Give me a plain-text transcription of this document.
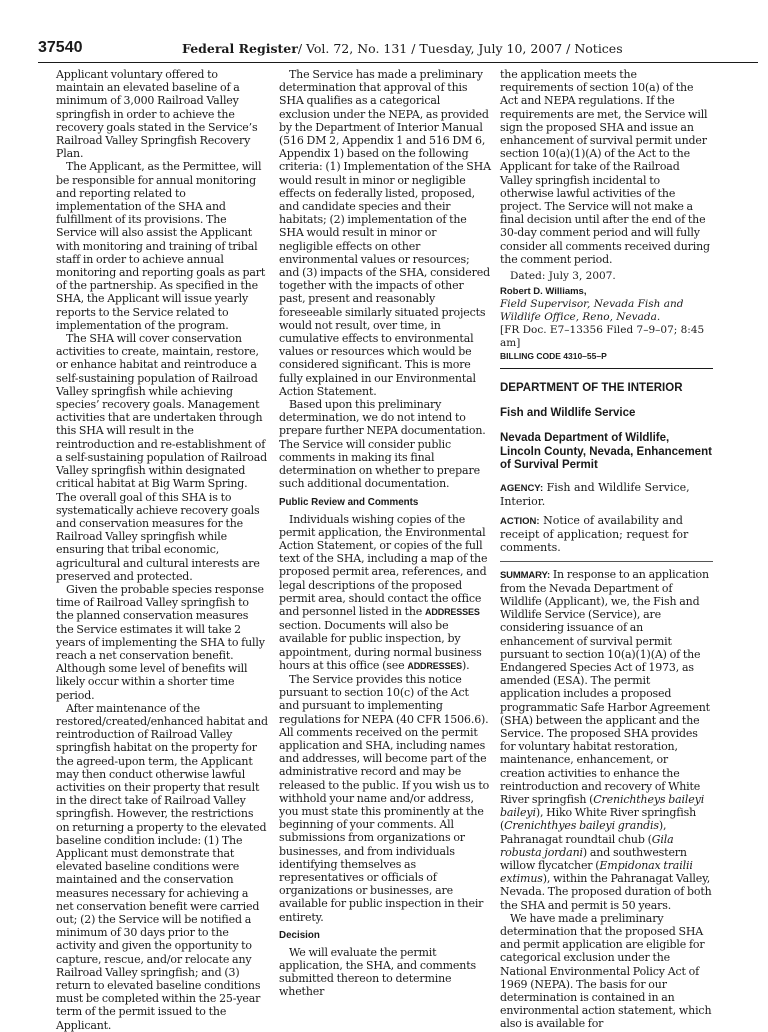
37540	Federal Register/ Vol. 72, No. 131 / Tuesday, July 10, 2007 / Notices

Applicant voluntary offered to maintain an elevated baseline of a minimum of 3,000 Railroad Valley springfish in order to achieve the recovery goals stated in the Service’s Railroad Valley Springfish Recovery Plan.

The Applicant, as the Permittee, will be responsible for annual monitoring and reporting related to implementation of the SHA and fulfillment of its provisions. The Service will also assist the Applicant with monitoring and training of tribal staff in order to achieve annual monitoring and reporting goals as part of the partnership. As specified in the SHA, the Applicant will issue yearly reports to the Service related to implementation of the program.

The SHA will cover conservation activities to create, maintain, restore, or enhance habitat and reintroduce a self-sustaining population of Railroad Valley springfish while achieving species’ recovery goals. Management activities that are undertaken through this SHA will result in the reintroduction and re-establishment of a self-sustaining population of Railroad Valley springfish within designated critical habitat at Big Warm Spring. The overall goal of this SHA is to systematically achieve recovery goals and conservation measures for the Railroad Valley springfish while ensuring that tribal economic, agricultural and cultural interests are preserved and protected.

Given the probable species response time of Railroad Valley springfish to the planned conservation measures the Service estimates it will take 2 years of implementing the SHA to fully reach a net conservation benefit. Although some level of benefits will likely occur within a shorter time period.

After maintenance of the restored/created/enhanced habitat and reintroduction of Railroad Valley springfish habitat on the property for the agreed-upon term, the Applicant may then conduct otherwise lawful activities on their property that result in the direct take of Railroad Valley springfish. However, the restrictions on returning a property to the elevated baseline condition include: (1) The Applicant must demonstrate that elevated baseline conditions were maintained and the conservation measures necessary for achieving a net conservation benefit were carried out; (2) the Service will be notified a minimum of 30 days prior to the activity and given the opportunity to capture, rescue, and/or relocate any Railroad Valley springfish; and (3) return to elevated baseline conditions must be completed within the 25-year term of the permit issued to the Applicant.

The Service has made a preliminary determination that approval of this SHA qualifies as a categorical exclusion under the NEPA, as provided by the Department of Interior Manual (516 DM 2, Appendix 1 and 516 DM 6, Appendix 1) based on the following criteria: (1) Implementation of the SHA would result in minor or negligible effects on federally listed, proposed, and candidate species and their habitats; (2) implementation of the SHA would result in minor or negligible effects on other environmental values or resources; and (3) impacts of the SHA, considered together with the impacts of other past, present and reasonably foreseeable similarly situated projects would not result, over time, in cumulative effects to environmental values or resources which would be considered significant. This is more fully explained in our Environmental Action Statement.

Based upon this preliminary determination, we do not intend to prepare further NEPA documentation. The Service will consider public comments in making its final determination on whether to prepare such additional documentation.

Public Review and Comments

Individuals wishing copies of the permit application, the Environmental Action Statement, or copies of the full text of the SHA, including a map of the proposed permit area, references, and legal descriptions of the proposed permit area, should contact the office and personnel listed in the ADDRESSES section. Documents will also be available for public inspection, by appointment, during normal business hours at this office (see ADDRESSES).

The Service provides this notice pursuant to section 10(c) of the Act and pursuant to implementing regulations for NEPA (40 CFR 1506.6). All comments received on the permit application and SHA, including names and addresses, will become part of the administrative record and may be released to the public. If you wish us to withhold your name and/or address, you must state this prominently at the beginning of your comments. All submissions from organizations or businesses, and from individuals identifying themselves as representatives or officials of organizations or businesses, are available for public inspection in their entirety.

Decision

We will evaluate the permit application, the SHA, and comments submitted thereon to determine whether

the application meets the requirements of section 10(a) of the Act and NEPA regulations. If the requirements are met, the Service will sign the proposed SHA and issue an enhancement of survival permit under section 10(a)(1)(A) of the Act to the Applicant for take of the Railroad Valley springfish incidental to otherwise lawful activities of the project. The Service will not make a final decision until after the end of the 30-day comment period and will fully consider all comments received during the comment period.

Dated: July 3, 2007.

Robert D. Williams,

Field Supervisor, Nevada Fish and Wildlife Office, Reno, Nevada.

[FR Doc. E7–13356 Filed 7–9–07; 8:45 am]

BILLING CODE 4310–55–P

DEPARTMENT OF THE INTERIOR

Fish and Wildlife Service

Nevada Department of Wildlife, Lincoln County, Nevada, Enhancement of Survival Permit

AGENCY: Fish and Wildlife Service, Interior.

ACTION: Notice of availability and receipt of application; request for comments.

SUMMARY: In response to an application from the Nevada Department of Wildlife (Applicant), we, the Fish and Wildlife Service (Service), are considering issuance of an enhancement of survival permit pursuant to section 10(a)(1)(A) of the Endangered Species Act of 1973, as amended (ESA). The permit application includes a proposed programmatic Safe Harbor Agreement (SHA) between the applicant and the Service. The proposed SHA provides for voluntary habitat restoration, maintenance, enhancement, or creation activities to enhance the reintroduction and recovery of White River springfish (Crenichtheys baileyi baileyi), Hiko White River springfish (Crenichthyes baileyi grandis), Pahranagat roundtail chub (Gila robusta jordani) and southwestern willow flycatcher (Empidonax trailii extimus), within the Pahranagat Valley, Nevada. The proposed duration of both the SHA and permit is 50 years.

We have made a preliminary determination that the proposed SHA and permit application are eligible for categorical exclusion under the National Environmental Policy Act of 1969 (NEPA). The basis for our determination is contained in an environmental action statement, which also is available for
